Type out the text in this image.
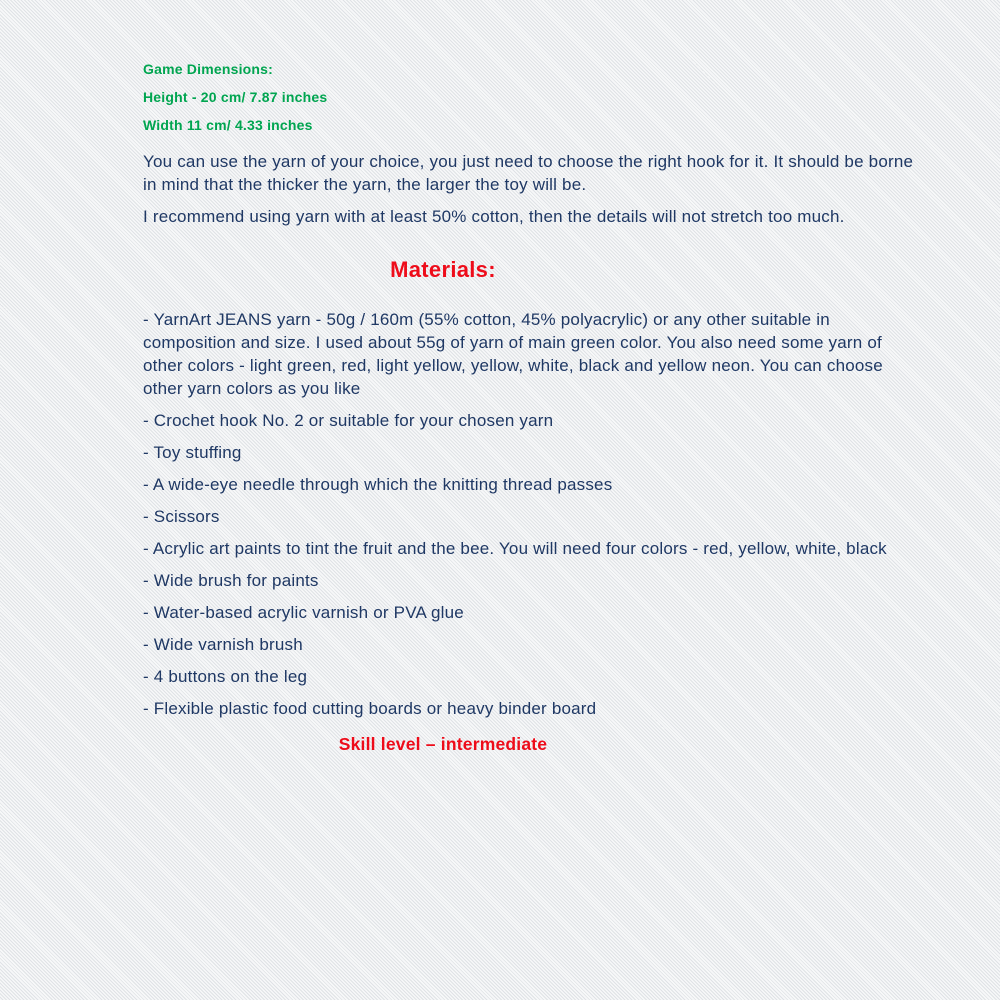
Game Dimensions:

Height - 20 cm/ 7.87 inches

Width 11 cm/ 4.33 inches

You can use the yarn of your choice, you just need to choose the right hook for it. It should be borne in mind that the thicker the yarn, the larger the toy will be.

I recommend using yarn with at least 50% cotton, then the details will not stretch too much.

Materials:

- YarnArt JEANS yarn - 50g / 160m (55% cotton, 45% polyacrylic) or any other suitable in composition and size. I used about 55g of yarn of main green color. You also need some yarn of other colors - light green, red, light yellow, yellow, white, black and yellow neon. You can choose other yarn colors as you like

- Crochet hook No. 2 or suitable for your chosen yarn

- Toy stuffing

- A wide-eye needle through which the knitting thread passes

- Scissors

- Acrylic art paints to tint the fruit and the bee. You will need four colors - red, yellow, white, black

- Wide brush for paints

- Water-based acrylic varnish or PVA glue

- Wide varnish brush

- 4 buttons on the leg

- Flexible plastic food cutting boards or heavy binder board

Skill level – intermediate
